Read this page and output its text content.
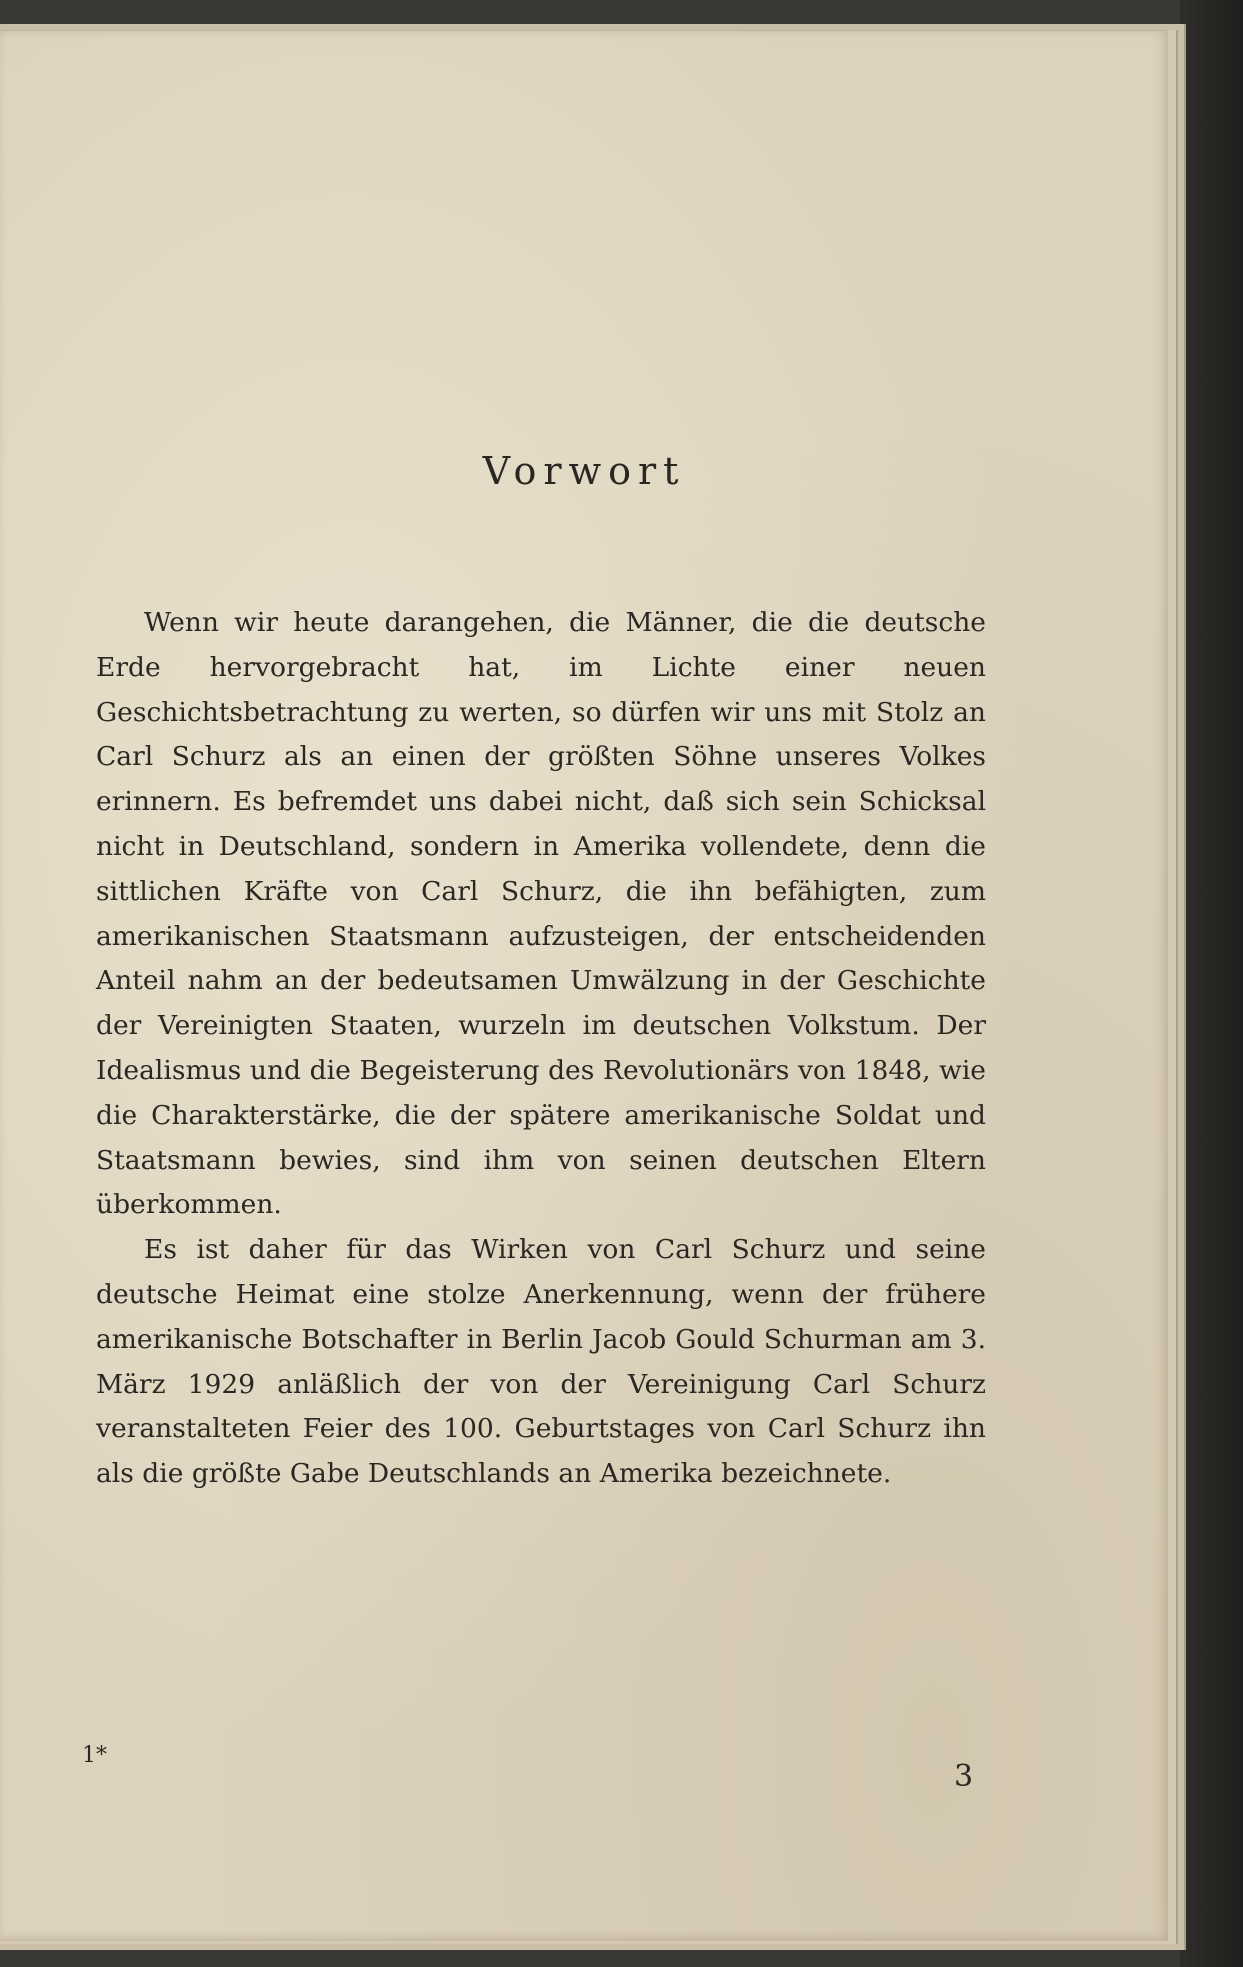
Vorwort

Wenn wir heute darangehen, die Männer, die die deutsche Erde hervorgebracht hat, im Lichte einer neuen Geschichtsbetrachtung zu werten, so dürfen wir uns mit Stolz an Carl Schurz als an einen der größten Söhne unseres Volkes erinnern. Es befremdet uns dabei nicht, daß sich sein Schicksal nicht in Deutschland, sondern in Amerika vollendete, denn die sittlichen Kräfte von Carl Schurz, die ihn befähigten, zum amerikanischen Staatsmann aufzusteigen, der entscheidenden Anteil nahm an der bedeutsamen Umwälzung in der Geschichte der Vereinigten Staaten, wurzeln im deutschen Volkstum. Der Idealismus und die Begeisterung des Revolutionärs von 1848, wie die Charakterstärke, die der spätere amerikanische Soldat und Staatsmann bewies, sind ihm von seinen deutschen Eltern überkommen.

Es ist daher für das Wirken von Carl Schurz und seine deutsche Heimat eine stolze Anerkennung, wenn der frühere amerikanische Botschafter in Berlin Jacob Gould Schurman am 3. März 1929 anläßlich der von der Vereinigung Carl Schurz veranstalteten Feier des 100. Geburtstages von Carl Schurz ihn als die größte Gabe Deutschlands an Amerika bezeichnete.

1*
3
